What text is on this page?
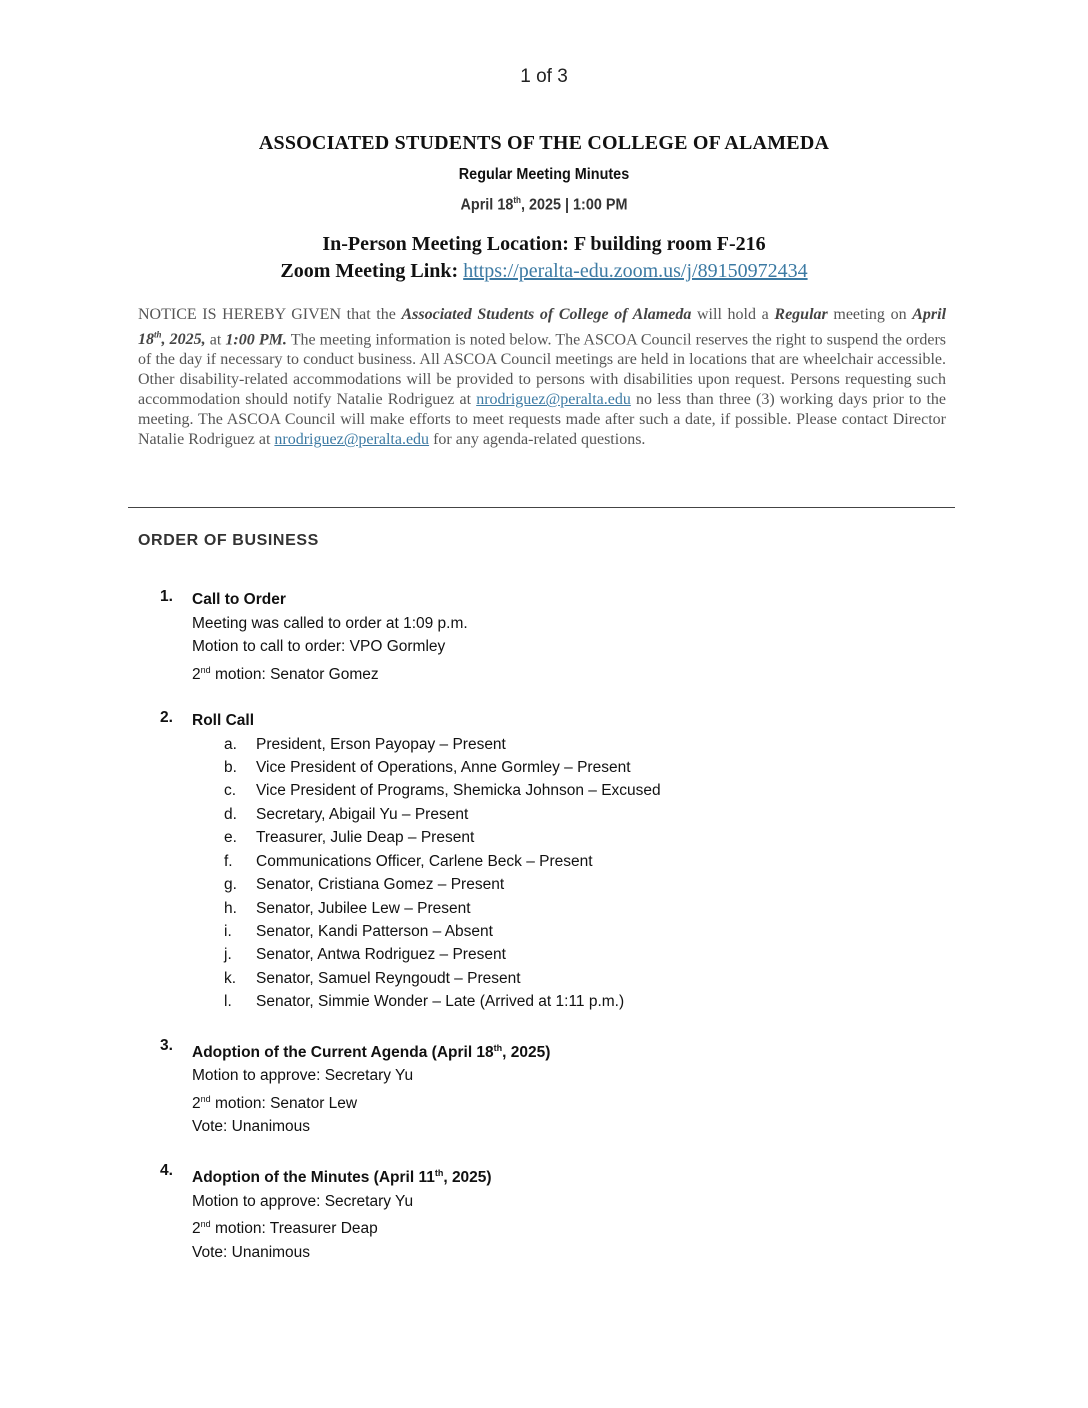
1 of 3
ASSOCIATED STUDENTS OF THE COLLEGE OF ALAMEDA
Regular Meeting Minutes
April 18th, 2025 | 1:00 PM
In-Person Meeting Location: F building room F-216
Zoom Meeting Link: https://peralta-edu.zoom.us/j/89150972434
NOTICE IS HEREBY GIVEN that the Associated Students of College of Alameda will hold a Regular meeting on April 18th, 2025, at 1:00 PM. The meeting information is noted below. The ASCOA Council reserves the right to suspend the orders of the day if necessary to conduct business. All ASCOA Council meetings are held in locations that are wheelchair accessible. Other disability-related accommodations will be provided to persons with disabilities upon request. Persons requesting such accommodation should notify Natalie Rodriguez at nrodriguez@peralta.edu no less than three (3) working days prior to the meeting. The ASCOA Council will make efforts to meet requests made after such a date, if possible. Please contact Director Natalie Rodriguez at nrodriguez@peralta.edu for any agenda-related questions.
ORDER OF BUSINESS
1. Call to Order
Meeting was called to order at 1:09 p.m.
Motion to call to order: VPO Gormley
2nd motion: Senator Gomez
2. Roll Call
a. President, Erson Payopay – Present
b. Vice President of Operations, Anne Gormley – Present
c. Vice President of Programs, Shemicka Johnson – Excused
d. Secretary, Abigail Yu – Present
e. Treasurer, Julie Deap – Present
f. Communications Officer, Carlene Beck – Present
g. Senator, Cristiana Gomez – Present
h. Senator, Jubilee Lew – Present
i. Senator, Kandi Patterson – Absent
j. Senator, Antwa Rodriguez – Present
k. Senator, Samuel Reyngoudt – Present
l. Senator, Simmie Wonder – Late (Arrived at 1:11 p.m.)
3. Adoption of the Current Agenda (April 18th, 2025)
Motion to approve: Secretary Yu
2nd motion: Senator Lew
Vote: Unanimous
4. Adoption of the Minutes (April 11th, 2025)
Motion to approve: Secretary Yu
2nd motion: Treasurer Deap
Vote: Unanimous
